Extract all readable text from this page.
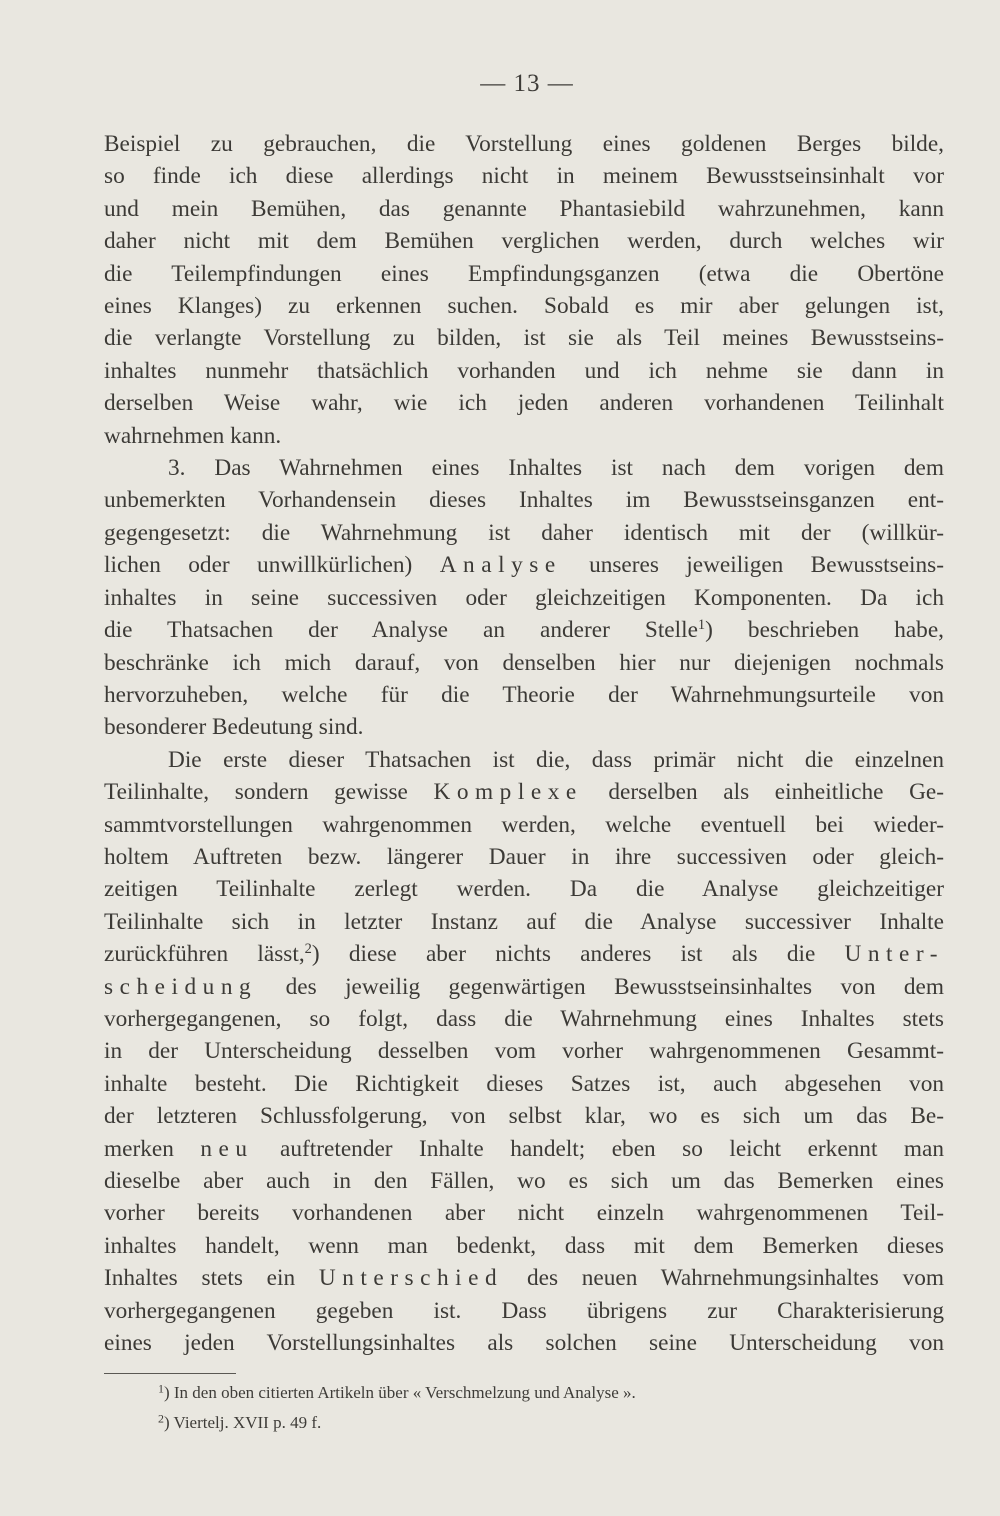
— 13 —
Beispiel zu gebrauchen, die Vorstellung eines goldenen Berges bilde,
so finde ich diese allerdings nicht in meinem Bewusstseinsinhalt vor
und mein Bemühen, das genannte Phantasiebild wahrzunehmen, kann
daher nicht mit dem Bemühen verglichen werden, durch welches wir
die Teilempfindungen eines Empfindungsganzen (etwa die Obertöne
eines Klanges) zu erkennen suchen. Sobald es mir aber gelungen ist,
die verlangte Vorstellung zu bilden, ist sie als Teil meines Bewusstseins-
inhaltes nunmehr thatsächlich vorhanden und ich nehme sie dann in
derselben Weise wahr, wie ich jeden anderen vorhandenen Teilinhalt
wahrnehmen kann.
3. Das Wahrnehmen eines Inhaltes ist nach dem vorigen dem
unbemerkten Vorhandensein dieses Inhaltes im Bewusstseinsganzen ent-
gegengesetzt: die Wahrnehmung ist daher identisch mit der (willkür-
lichen oder unwillkürlichen) Analyse unseres jeweiligen Bewusstseins-
inhaltes in seine successiven oder gleichzeitigen Komponenten. Da ich
die Thatsachen der Analyse an anderer Stelle$^1$) beschrieben habe,
beschränke ich mich darauf, von denselben hier nur diejenigen nochmals
hervorzuheben, welche für die Theorie der Wahrnehmungsurteile von
besonderer Bedeutung sind.
Die erste dieser Thatsachen ist die, dass primär nicht die einzelnen
Teilinhalte, sondern gewisse Komplexe derselben als einheitliche Ge-
sammtvorstellungen wahrgenommen werden, welche eventuell bei wieder-
holtem Auftreten bezw. längerer Dauer in ihre successiven oder gleich-
zeitigen Teilinhalte zerlegt werden. Da die Analyse gleichzeitiger
Teilinhalte sich in letzter Instanz auf die Analyse successiver Inhalte
zurückführen lässt,$^2$) diese aber nichts anderes ist als die Unter-
scheidung des jeweilig gegenwärtigen Bewusstseinsinhaltes von dem
vorhergegangenen, so folgt, dass die Wahrnehmung eines Inhaltes stets
in der Unterscheidung desselben vom vorher wahrgenommenen Gesammt-
inhalte besteht. Die Richtigkeit dieses Satzes ist, auch abgesehen von
der letzteren Schlussfolgerung, von selbst klar, wo es sich um das Be-
merken neu auftretender Inhalte handelt; eben so leicht erkennt man
dieselbe aber auch in den Fällen, wo es sich um das Bemerken eines
vorher bereits vorhandenen aber nicht einzeln wahrgenommenen Teil-
inhaltes handelt, wenn man bedenkt, dass mit dem Bemerken dieses
Inhaltes stets ein Unterschied des neuen Wahrnehmungsinhaltes vom
vorhergegangenen gegeben ist. Dass übrigens zur Charakterisierung
eines jeden Vorstellungsinhaltes als solchen seine Unterscheidung von
$^1$) In den oben citierten Artikeln über « Verschmelzung und Analyse ».
$^2$) Viertelj. XVII p. 49 f.
